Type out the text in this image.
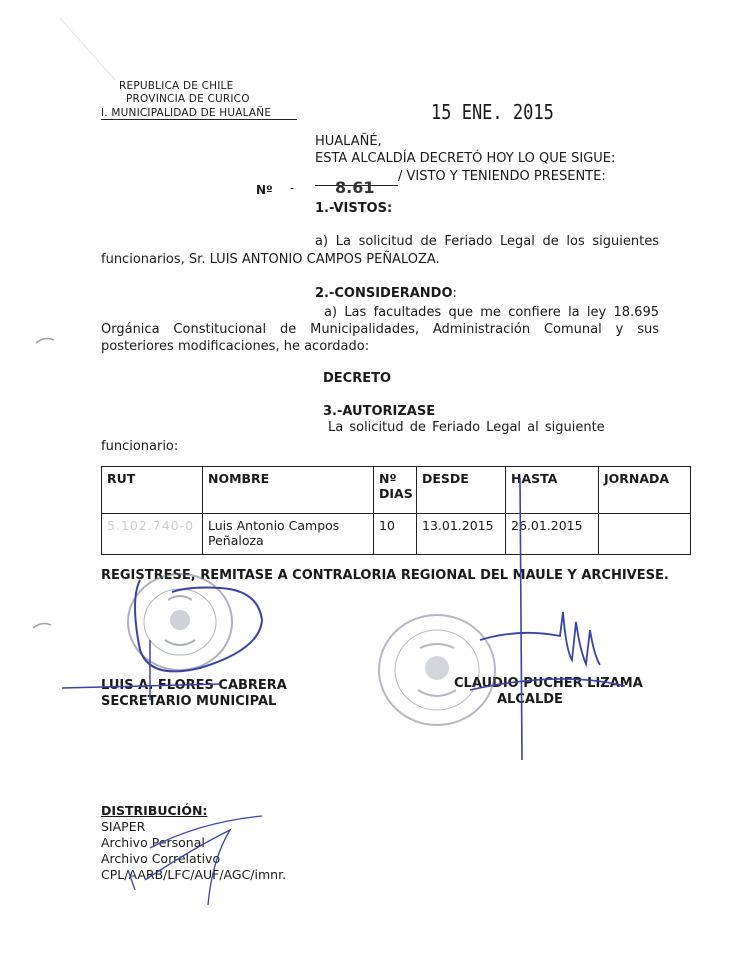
REPUBLICA DE CHILE
PROVINCIA DE CURICO
I. MUNICIPALIDAD DE HUALAÑE	15 ENE. 2015
HUALAÑÉ,
ESTA ALCALDÍA DECRETÓ HOY LO QUE SIGUE:
Nº -	8.61
/ VISTO Y TENIENDO PRESENTE:
1.-VISTOS:
a) La solicitud de Feriado Legal de los siguientes funcionarios, Sr. LUIS ANTONIO CAMPOS PEÑALOZA.
2.-CONSIDERANDO:
a) Las facultades que me confiere la ley 18.695 Orgánica Constitucional de Municipalidades, Administración Comunal y sus posteriores modificaciones, he acordado:
DECRETO
3.-AUTORIZASE
La solicitud de Feriado Legal al siguiente
funcionario:
RUT	NOMBRE	Nº DIAS	DESDE	HASTA	JORNADA
5.102.740-0	Luis Antonio Campos Peñaloza	10	13.01.2015	26.01.2015	
REGISTRESE, REMITASE A CONTRALORIA REGIONAL DEL MAULE Y ARCHIVESE.
LUIS A. FLORES CABRERA
SECRETARIO MUNICIPAL
CLAUDIO PUCHER LIZAMA
ALCALDE
DISTRIBUCIÓN:
SIAPER
Archivo Personal
Archivo Correlativo
CPL/AARB/LFC/AUF/AGC/imnr.
